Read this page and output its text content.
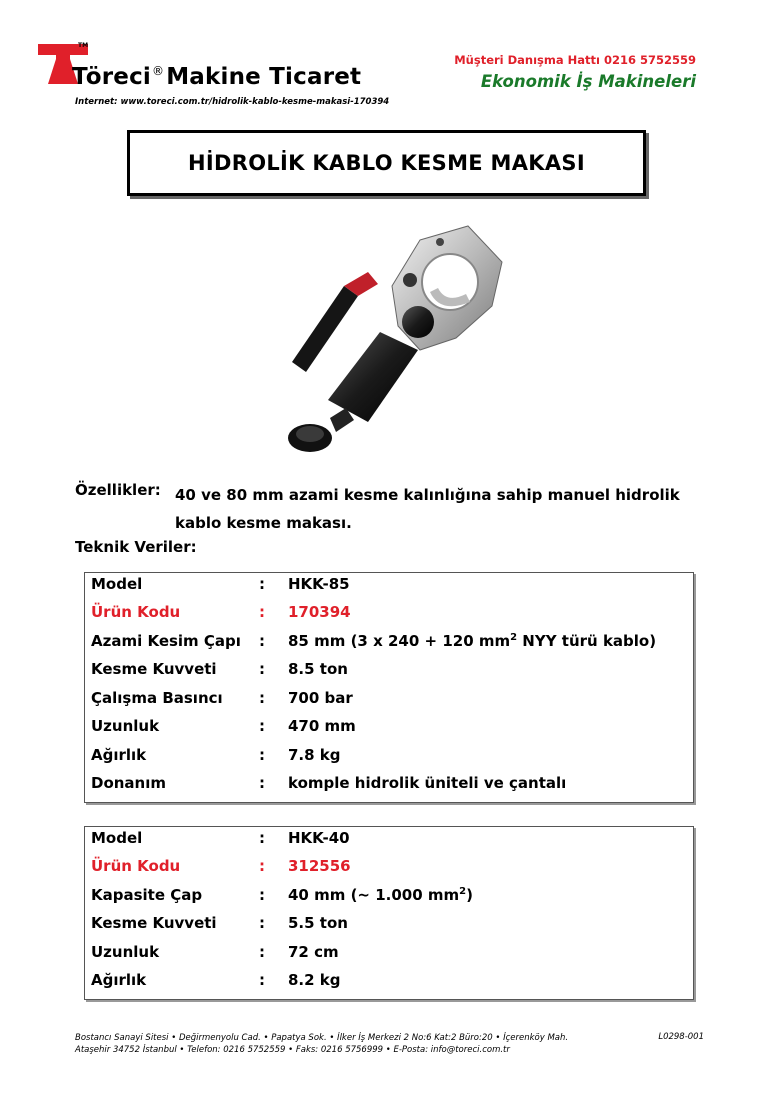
TM
Töreci®Makine Ticaret
Internet: www.toreci.com.tr/hidrolik-kablo-kesme-makasi-170394
Müşteri Danışma Hattı 0216 5752559
Ekonomik İş Makineleri
HİDROLİK KABLO KESME MAKASI
Özellikler: 40 ve 80 mm azami kesme kalınlığına sahip manuel hidrolik kablo kesme makası.
Teknik Veriler:
Model	: HKK-85
Ürün Kodu	: 170394
Azami Kesim Çapı : 85 mm (3 x 240 + 120 $mm^2$ NYY türü kablo)
Kesme Kuvveti	: 8.5 ton
Çalışma Basıncı : 700 bar
Uzunluk	: 470 mm
Ağırlık	: 7.8 kg
Donanım	: komple hidrolik üniteli ve çantalı
Model	: HKK-40
Ürün Kodu	: 312556
Kapasite Çap	: 40 mm (~ 1.000 $mm^2$)
Kesme Kuvveti	: 5.5 ton
Uzunluk	: 72 cm
Ağırlık	: 8.2 kg
Bostancı Sanayi Sitesi • Değirmenyolu Cad. • Papatya Sok. • İlker İş Merkezi 2 No:6 Kat:2 Büro:20 • İçerenköy Mah.
Ataşehir 34752 İstanbul • Telefon: 0216 5752559 • Faks: 0216 5756999 • E-Posta: info@toreci.com.tr
L0298-001
